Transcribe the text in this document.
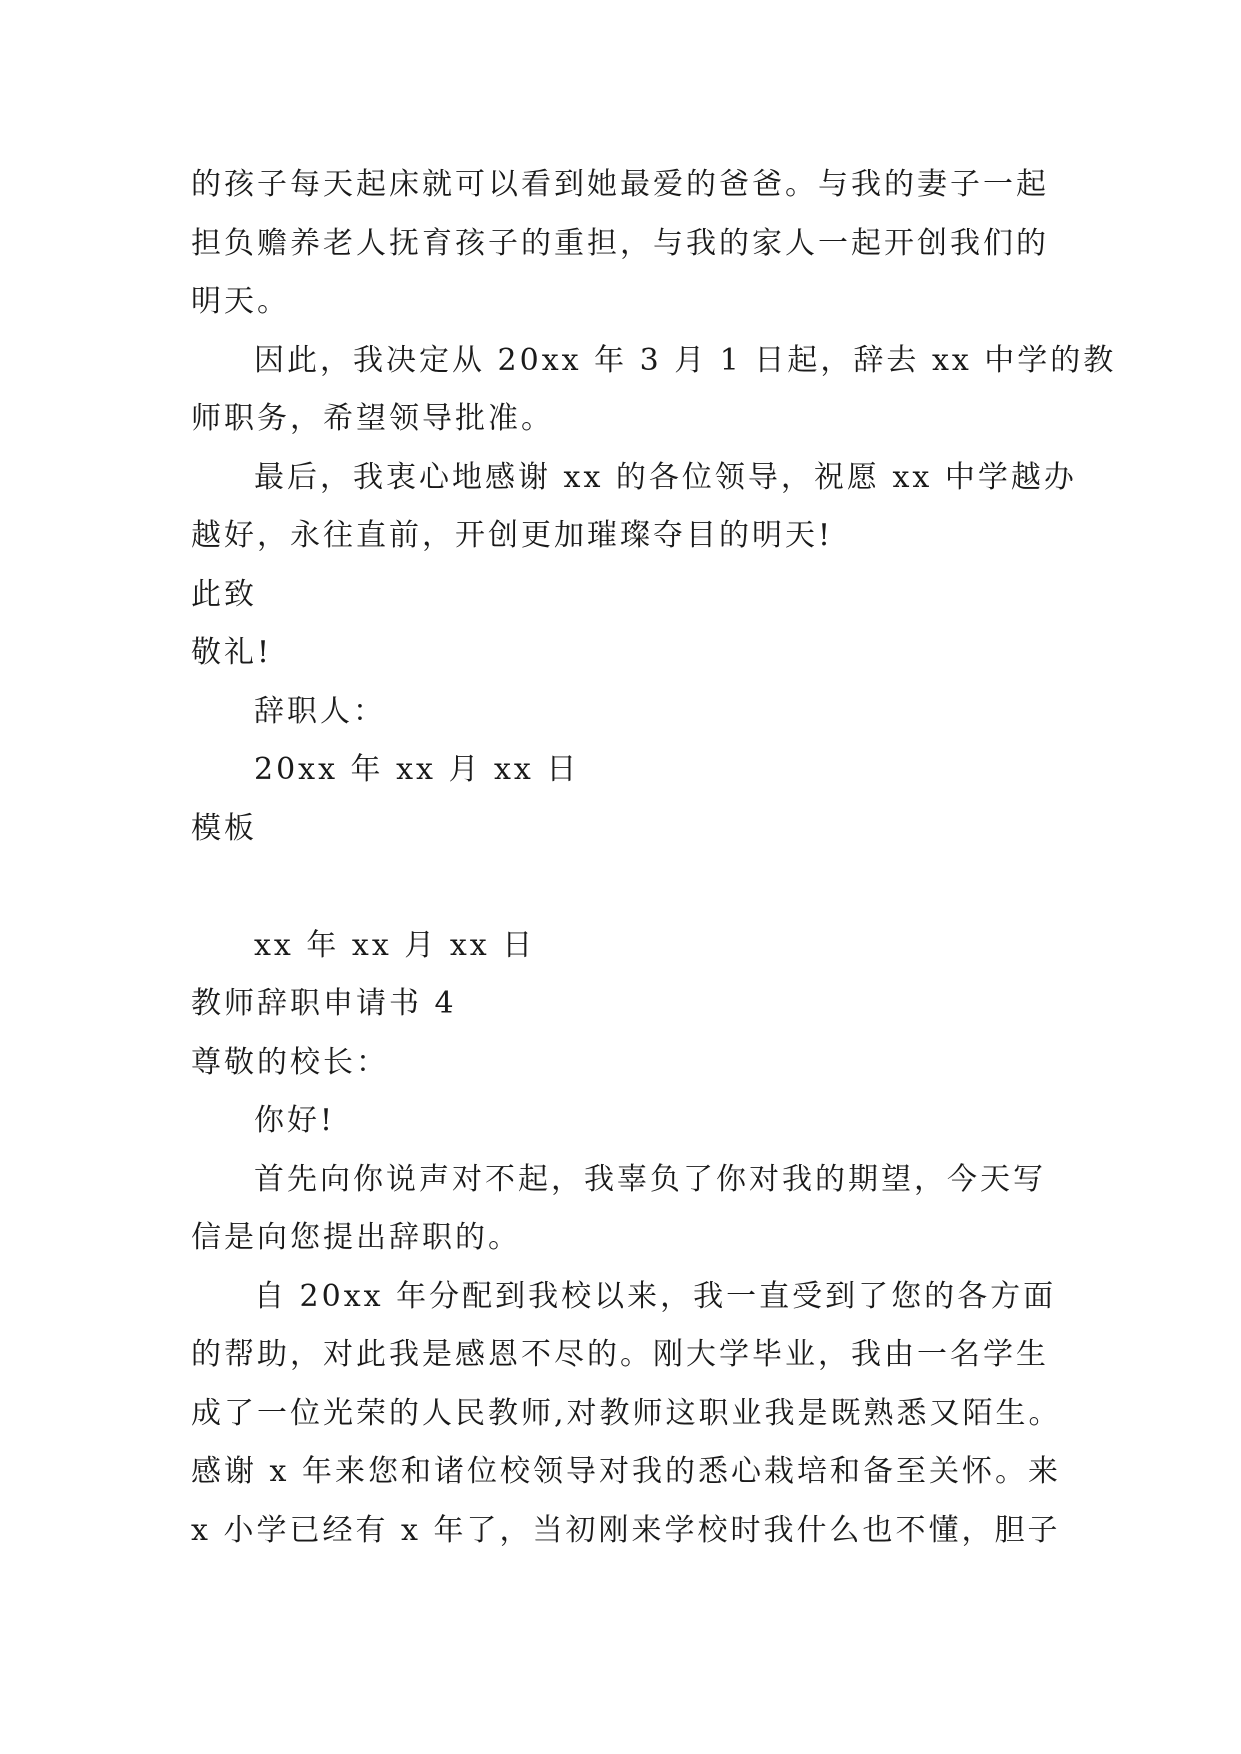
的孩子每天起床就可以看到她最爱的爸爸。与我的妻子一起
担负赡养老人抚育孩子的重担，与我的家人一起开创我们的
明天。
因此，我决定从 20xx 年 3 月 1 日起，辞去 xx 中学的教
师职务，希望领导批准。
最后，我衷心地感谢 xx 的各位领导，祝愿 xx 中学越办
越好，永往直前，开创更加璀璨夺目的明天!
此致
敬礼!
辞职人：
20xx 年 xx 月 xx 日
模板
xx 年 xx 月 xx 日
教师辞职申请书 4
尊敬的校长：
你好!
首先向你说声对不起，我辜负了你对我的期望，今天写
信是向您提出辞职的。
自 20xx 年分配到我校以来，我一直受到了您的各方面
的帮助，对此我是感恩不尽的。刚大学毕业，我由一名学生
成了一位光荣的人民教师,对教师这职业我是既熟悉又陌生。
感谢 x 年来您和诸位校领导对我的悉心栽培和备至关怀。来
x 小学已经有 x 年了，当初刚来学校时我什么也不懂，胆子
